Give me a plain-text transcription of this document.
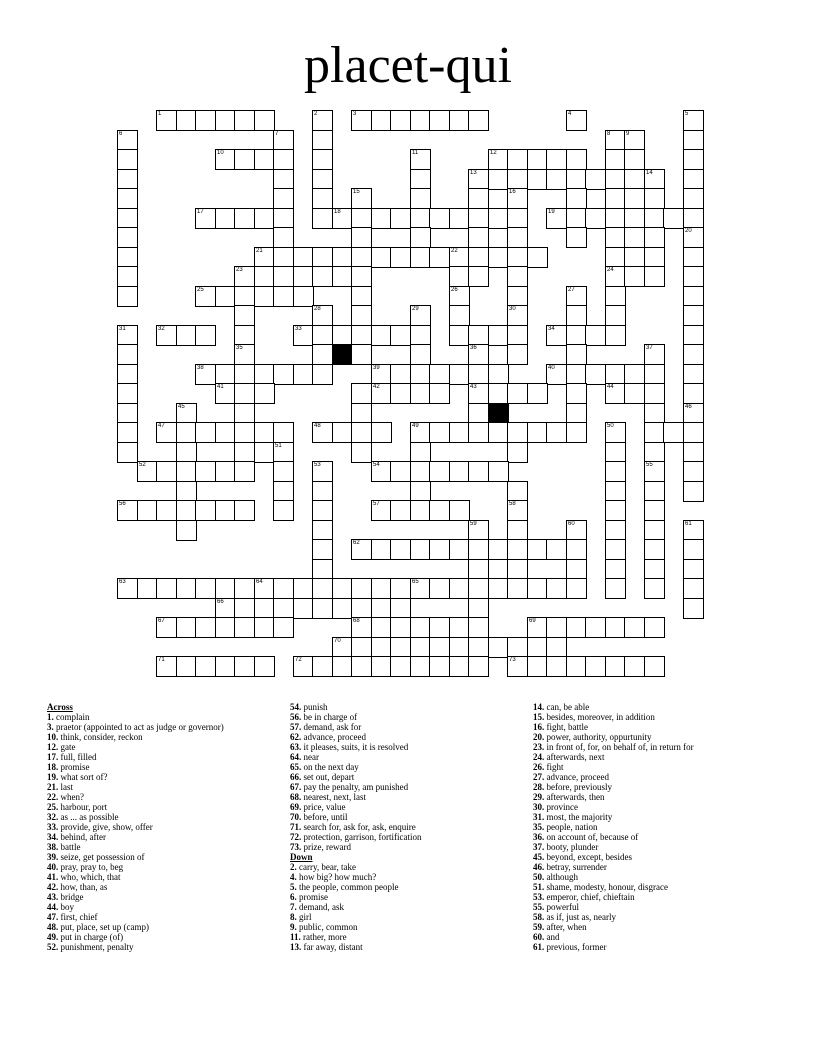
placet-qui
1	2	3	4	5
6	7	8	9
10	11	12
13	14
15	16
17	18	19
20
21	22
23	24
25	26	27
28	29	30
31	32	33	34
35	36	37
38	39	40
41	42	43	44
45	46
47	48	49	50
51
52	53	54	55
56	57	58
59	60	61
62
63	64	65
66
67	68	69
70
71	72	73
Across
1. complain
3. praetor (appointed to act as judge or governor)
10. think, consider, reckon
12. gate
17. full, filled
18. promise
19. what sort of?
21. last
22. when?
25. harbour, port
32. as ... as possible
33. provide, give, show, offer
34. behind, after
38. battle
39. seize, get possession of
40. pray, pray to, beg
41. who, which, that
42. how, than, as
43. bridge
44. boy
47. first, chief
48. put, place, set up (camp)
49. put in charge (of)
52. punishment, penalty
54. punish
56. be in charge of
57. demand, ask for
62. advance, proceed
63. it pleases, suits, it is resolved
64. near
65. on the next day
66. set out, depart
67. pay the penalty, am punished
68. nearest, next, last
69. price, value
70. before, until
71. search for, ask for, ask, enquire
72. protection, garrison, fortification
73. prize, reward
Down
2. carry, bear, take
4. how big? how much?
5. the people, common people
6. promise
7. demand, ask
8. girl
9. public, common
11. rather, more
13. far away, distant
14. can, be able
15. besides, moreover, in addition
16. fight, battle
20. power, authority, oppurtunity
23. in front of, for, on behalf of, in return for
24. afterwards, next
26. fight
27. advance, proceed
28. before, previously
29. afterwards, then
30. province
31. most, the majority
35. people, nation
36. on account of, because of
37. booty, plunder
45. beyond, except, besides
46. betray, surrender
50. although
51. shame, modesty, honour, disgrace
53. emperor, chief, chieftain
55. powerful
58. as if, just as, nearly
59. after, when
60. and
61. previous, former
